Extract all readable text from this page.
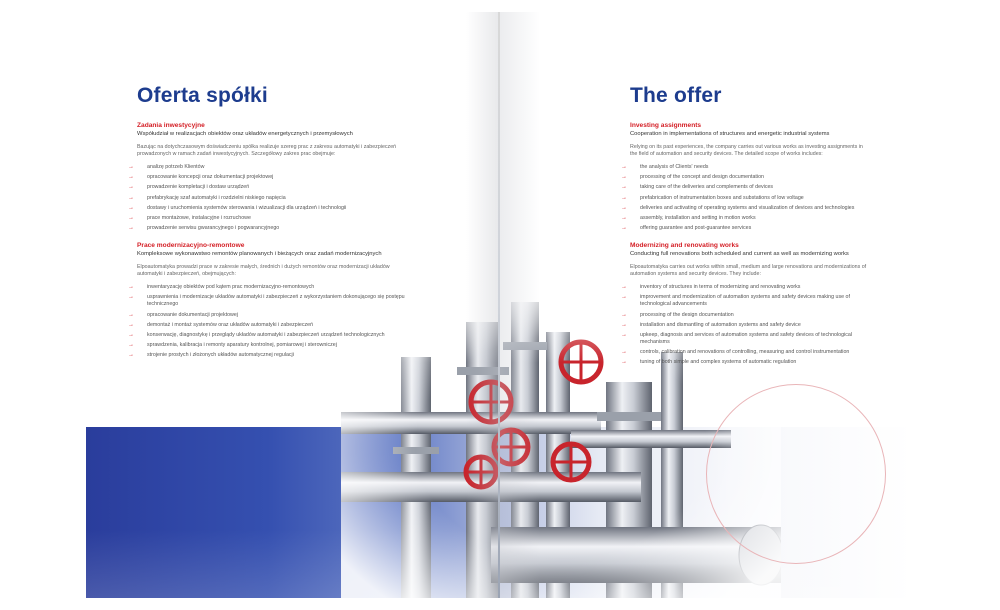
Oferta spółki
Zadania inwestycyjne
Współudział w realizacjach obiektów oraz układów energetycznych i przemysłowych
Bazując na dotychczasowym doświadczeniu spółka realizuje szereg prac z zakresu automatyki i zabezpieczeń prowadzonych w ramach zadań inwestycyjnych. Szczegółowy zakres prac obejmuje:
→ analizę potrzeb Klientów
→ opracowanie koncepcji oraz dokumentacji projektowej
→ prowadzenie kompletacji i dostaw urządzeń
→ prefabrykację szaf automatyki i rozdzielni niskiego napięcia
→ dostawy i uruchomienia systemów sterowania i wizualizacji dla urządzeń i technologii
→ prace montażowe, instalacyjne i rozruchowe
→ prowadzenie serwisu gwarancyjnego i pogwarancyjnego
Prace modernizacyjno-remontowe
Kompleksowe wykonawstwo remontów planowanych i bieżących oraz zadań modernizacyjnych
Elpoautomatyka prowadzi prace w zakresie małych, średnich i dużych remontów oraz modernizacji układów automatyki i zabezpieczeń, obejmujących:
→ inwentaryzację obiektów pod kątem prac modernizacyjno-remontowych
→ usprawnienia i modernizacje układów automatyki i zabezpieczeń z wykorzystaniem dokonującego się postępu technicznego
→ opracowanie dokumentacji projektowej
→ demontaż i montaż systemów oraz układów automatyki i zabezpieczeń
→ konserwację, diagnostykę i przeglądy układów automatyki i zabezpieczeń urządzeń technologicznych
→ sprawdzenia, kalibracja i remonty aparatury kontrolnej, pomiarowej i sterowniczej
→ strojenie prostych i złożonych układów automatycznej regulacji
The offer
Investing assignments
Cooperation in implementations of structures and energetic industrial systems
Relying on its past experiences, the company carries out various works as investing assignments in the field of automation and security devices. The detailed scope of works includes:
→ the analysis of Clients' needs
→ processing of the concept and design documentation
→ taking care of the deliveries and complements of devices
→ prefabrication of instrumentation boxes and substations of low voltage
→ deliveries and activating of operating systems and visualization of devices and technologies
→ assembly, installation and setting in motion works
→ offering guarantee and post-guarantee services
Modernizing and renovating works
Conducting full renovations both scheduled and current as well as modernizing works
Elpoautomatyka carries out works within small, medium and large renovations and modernizations of automation systems and security devices. They include:
→ inventory of structures in terms of modernizing and renovating works
→ improvement and modernization of automation systems and safety devices making use of technological advancements
→ processing of the design documentation
→ installation and dismantling of automation systems and safety device
→ upkeep, diagnosis and services of automation systems and safety devices of technological mechanisms
→ controls, calibration and renovations of controlling, measuring and control instrumentation
→ tuning of both simple and complex systems of automatic regulation
